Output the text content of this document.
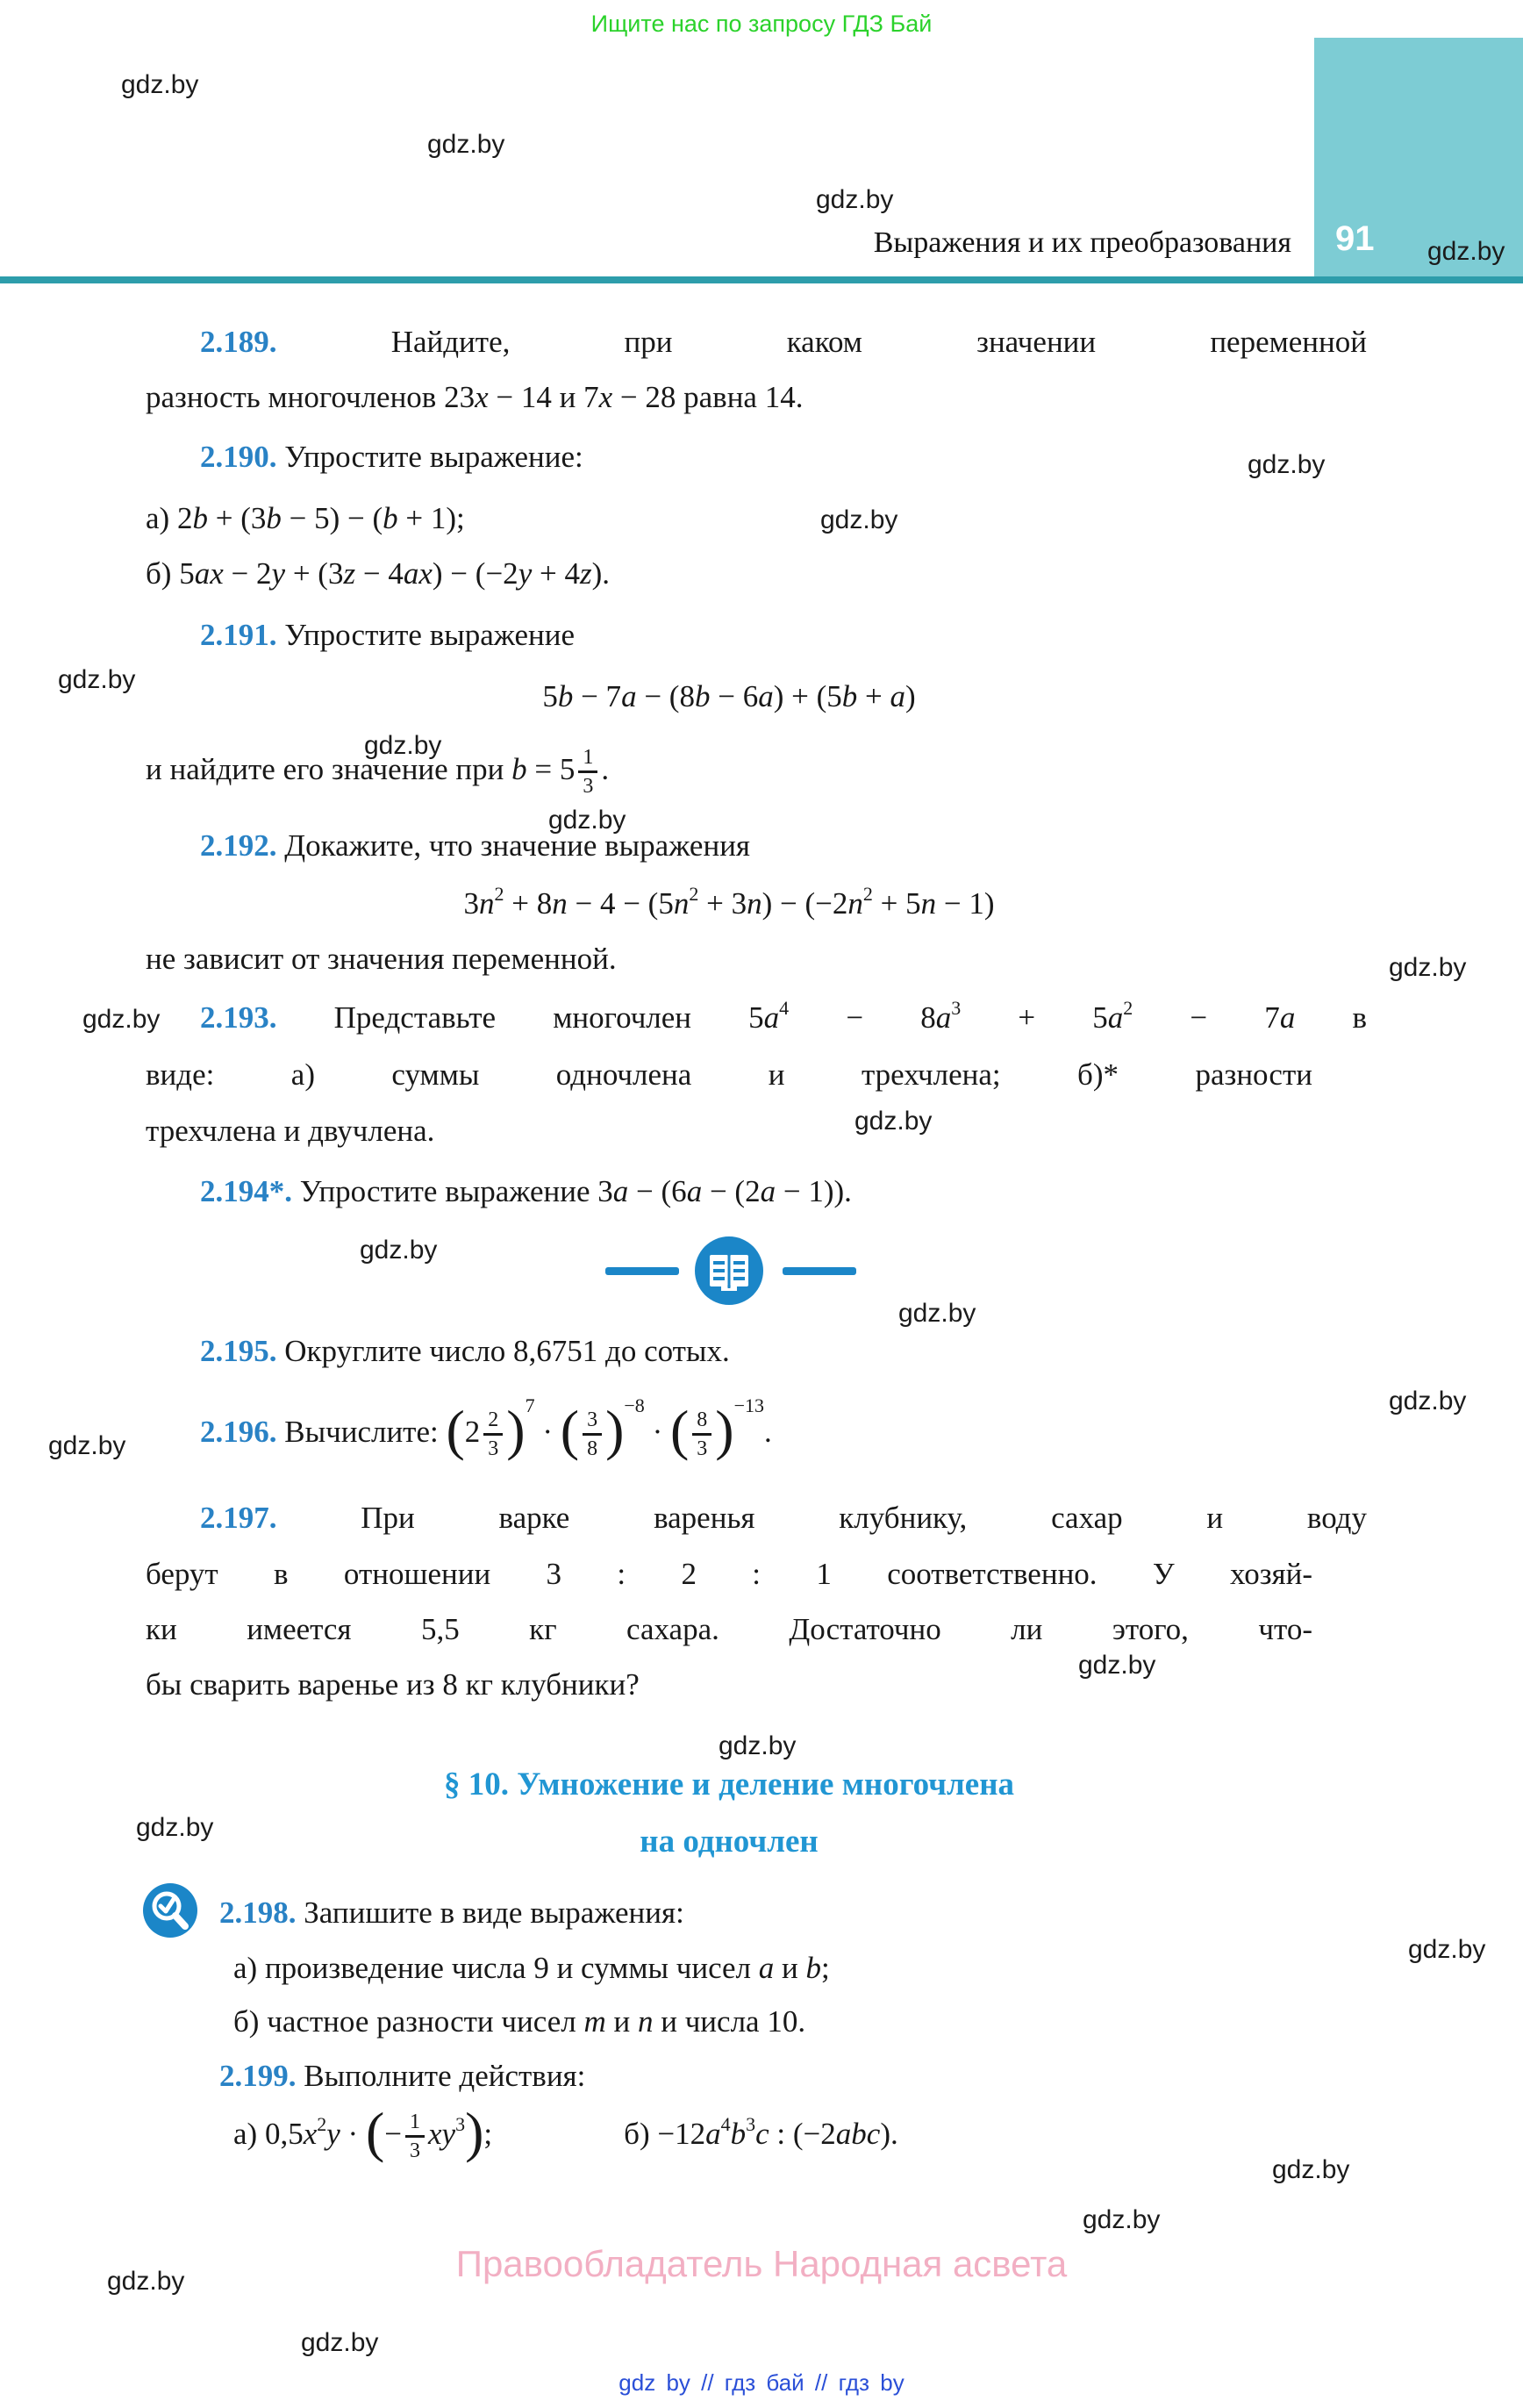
Ищите нас по запросу ГДЗ Бай
Выражения и их преобразования 91
2.189. Найдите, при каком значении переменной
разность многочленов 23x − 14 и 7x − 28 равна 14.
2.190. Упростите выражение:
а) 2b + (3b − 5) − (b + 1);
б) 5ax − 2y + (3z − 4ax) − (−2y + 4z).
2.191. Упростите выражение
5b − 7a − (8b − 6a) + (5b + a)
и найдите его значение при $b = 5 \frac{1}{3}$ .
2.192. Докажите, что значение выражения
$3n^2 + 8n - 4 - (5n^2 + 3n) - (-2n^2 + 5n - 1)$
не зависит от значения переменной.
2.193. Представьте многочлен $5a^4 - 8a^3 + 5a^2 - 7a$ в
виде: а) суммы одночлена и трехчлена; б)* разности
трехчлена и двучлена.
2.194*. Упростите выражение 3a − (6a − (2a − 1)).
2.195. Округлите число 8,6751 до сотых.
2.196. Вычислите: $(2 \frac{2}{3} )^7$ · ( $\frac{3}{8} )^{-8}$ · ( $\frac{8}{3} )^{-13}$.
2.197. При варке варенья клубнику, сахар и воду
берут в отношении 3 : 2 : 1 соответственно. У хозяй-
ки имеется 5,5 кг сахара. Достаточно ли этого, что-
бы сварить варенье из 8 кг клубники?
§ 10. Умножение и деление многочлена
на одночлен
2.198. Запишите в виде выражения:
а) произведение числа 9 и суммы чисел a и b;
б) частное разности чисел m и n и числа 10.
2.199. Выполните действия:
а) $0,5x^2y$ · (− $\frac{1}{3} xy^3$);	$б) -12a^4b^3c$ : (−2abc).
gdz.by
gdz.by
gdz.by
gdz.by
gdz.by
gdz.by
gdz.by
gdz.by
gdz.by
gdz.by
gdz.by
gdz.by
gdz.by
gdz.by
gdz.by
gdz.by
gdz.by
gdz.by
gdz.by
gdz.by
gdz.by
gdz.by
gdz.by
gdz.by
Правообладатель Народная асвета
gdz by // гдз бай // гдз by
